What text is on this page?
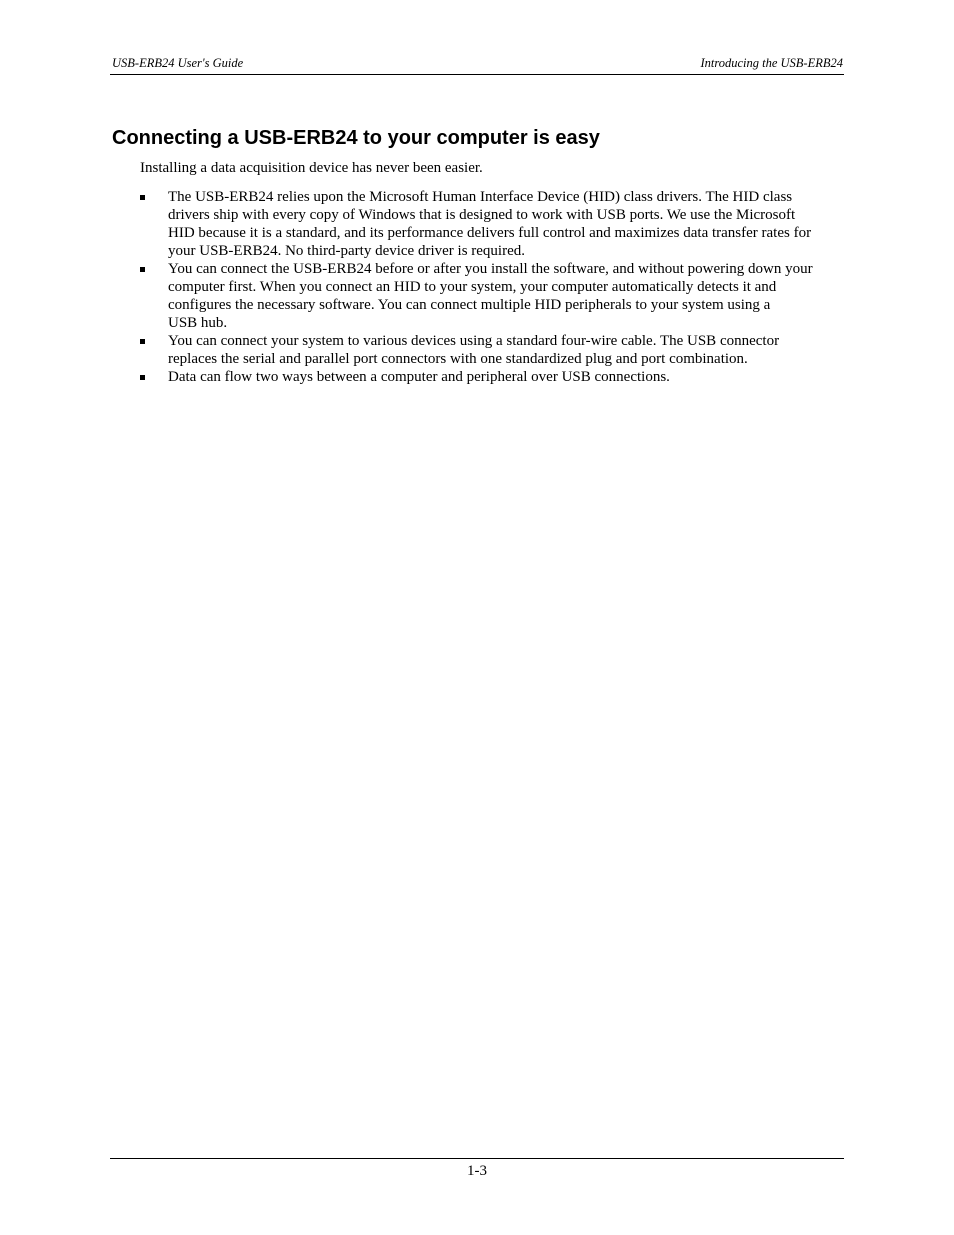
USB-ERB24 User's Guide	Introducing the USB-ERB24
Connecting a USB-ERB24 to your computer is easy

Installing a data acquisition device has never been easier.

The USB-ERB24 relies upon the Microsoft Human Interface Device (HID) class drivers. The HID class
drivers ship with every copy of Windows that is designed to work with USB ports. We use the Microsoft
HID because it is a standard, and its performance delivers full control and maximizes data transfer rates for
your USB-ERB24. No third-party device driver is required.
You can connect the USB-ERB24 before or after you install the software, and without powering down your
computer first. When you connect an HID to your system, your computer automatically detects it and
configures the necessary software. You can connect multiple HID peripherals to your system using a
USB hub.
You can connect your system to various devices using a standard four-wire cable. The USB connector
replaces the serial and parallel port connectors with one standardized plug and port combination.
Data can flow two ways between a computer and peripheral over USB connections.
1-3
